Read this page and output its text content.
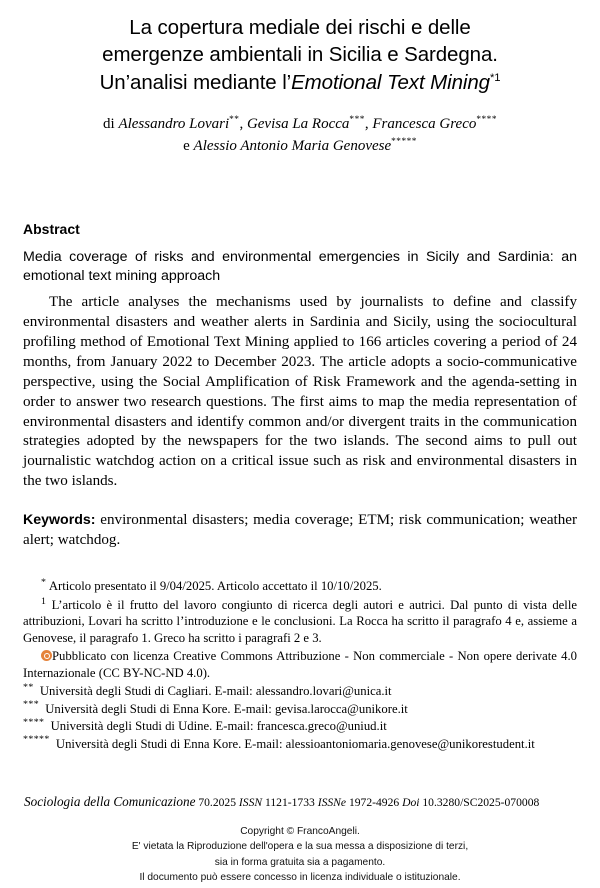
La copertura mediale dei rischi e delle
emergenze ambientali in Sicilia e Sardegna.
Un’analisi mediante l’Emotional Text Mining$^{*1}$

di Alessandro Lovari**, Gevisa La Rocca***, Francesca Greco****
e Alessio Antonio Maria Genovese*****

Abstract
Media coverage of risks and environmental emergencies in Sicily and Sardinia: an emotional text mining approach

The article analyses the mechanisms used by journalists to define and classify environmental disasters and weather alerts in Sardinia and Sicily, using the sociocultural profiling method of Emotional Text Mining applied to 166 articles covering a period of 24 months, from January 2022 to December 2023. The article adopts a socio-communicative perspective, using the Social Amplification of Risk Framework and the agenda-setting in order to answer two research questions. The first aims to map the media representation of environmental disasters and identify common and/or divergent traits in the communication strategies adopted by the newspapers for the two islands. The second aims to pull out journalistic watchdog action on a critical issue such as risk and environmental disasters in the two islands.

Keywords: environmental disasters; media coverage; ETM; risk communication; weather alert; watchdog.

* Articolo presentato il 9/04/2025. Articolo accettato il 10/10/2025.

$^1$ L’articolo è il frutto del lavoro congiunto di ricerca degli autori e autrici. Dal punto di vista delle attribuzioni, Lovari ha scritto l’introduzione e le conclusioni. La Rocca ha scritto il paragrafo 4 e, assieme a Genovese, il paragrafo 1. Greco ha scritto i paragrafi 2 e 3.

Pubblicato con licenza Creative Commons Attribuzione - Non commerciale - Non opere derivate 4.0 Internazionale (CC BY-NC-ND 4.0).

** Università degli Studi di Cagliari. E-mail: alessandro.lovari@unica.it

*** Università degli Studi di Enna Kore. E-mail: gevisa.larocca@unikore.it

**** Università degli Studi di Udine. E-mail: francesca.greco@uniud.it

***** Università degli Studi di Enna Kore. E-mail: alessioantoniomaria.genovese@unikorestudent.it

Sociologia della Comunicazione 70.2025 ISSN 1121-1733 ISSNe 1972-4926 Doi 10.3280/SC2025-070008
Copyright © FrancoAngeli.
E' vietata la Riproduzione dell'opera e la sua messa a disposizione di terzi,
sia in forma gratuita sia a pagamento.
Il documento può essere concesso in licenza individuale o istituzionale.
